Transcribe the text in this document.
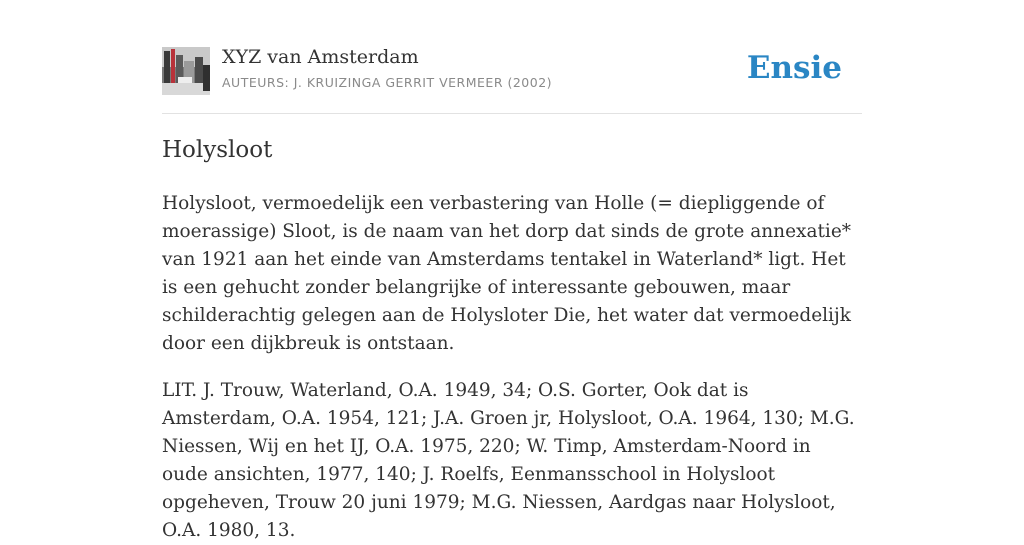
XYZ van Amsterdam
AUTEURS: J. KRUIZINGA GERRIT VERMEER (2002)	Ensie
Holysloot

Holysloot, vermoedelijk een verbastering van Holle (= diepliggende of moerassige) Sloot, is de naam van het dorp dat sinds de grote annexatie* van 1921 aan het einde van Amsterdams tentakel in Waterland* ligt. Het is een gehucht zonder belangrijke of interessante gebouwen, maar schilderachtig gelegen aan de Holysloter Die, het water dat vermoedelijk door een dijkbreuk is ontstaan.

LIT. J. Trouw, Waterland, O.A. 1949, 34; O.S. Gorter, Ook dat is Amsterdam, O.A. 1954, 121; J.A. Groen jr, Holysloot, O.A. 1964, 130; M.G. Niessen, Wij en het IJ, O.A. 1975, 220; W. Timp, Amsterdam-Noord in oude ansichten, 1977, 140; J. Roelfs, Eenmansschool in Holysloot opgeheven, Trouw 20 juni 1979; M.G. Niessen, Aardgas naar Holysloot, O.A. 1980, 13.
